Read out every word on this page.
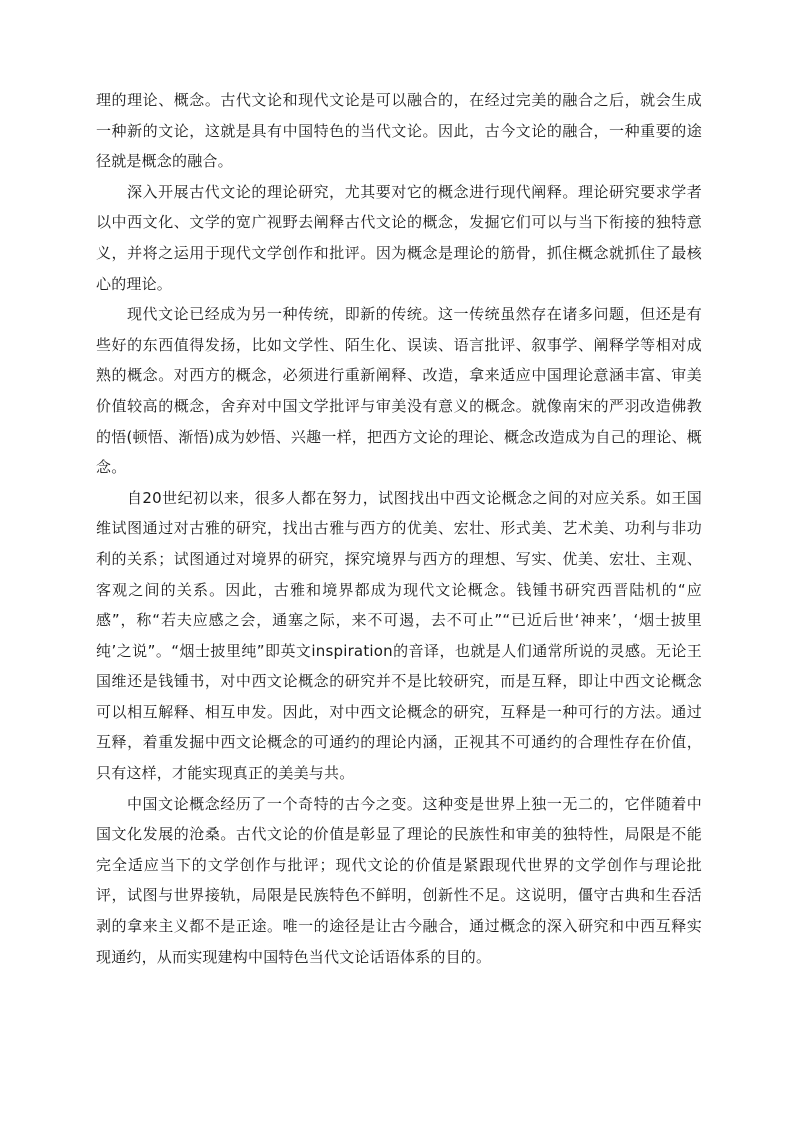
理的理论、概念。古代文论和现代文论是可以融合的，在经过完美的融合之后，就会生成一种新的文论，这就是具有中国特色的当代文论。因此，古今文论的融合，一种重要的途径就是概念的融合。

深入开展古代文论的理论研究，尤其要对它的概念进行现代阐释。理论研究要求学者以中西文化、文学的宽广视野去阐释古代文论的概念，发掘它们可以与当下衔接的独特意义，并将之运用于现代文学创作和批评。因为概念是理论的筋骨，抓住概念就抓住了最核心的理论。

现代文论已经成为另一种传统，即新的传统。这一传统虽然存在诸多问题，但还是有些好的东西值得发扬，比如文学性、陌生化、误读、语言批评、叙事学、阐释学等相对成熟的概念。对西方的概念，必须进行重新阐释、改造，拿来适应中国理论意涵丰富、审美价值较高的概念，舍弃对中国文学批评与审美没有意义的概念。就像南宋的严羽改造佛教的悟(顿悟、渐悟)成为妙悟、兴趣一样，把西方文论的理论、概念改造成为自己的理论、概念。

自20世纪初以来，很多人都在努力，试图找出中西文论概念之间的对应关系。如王国维试图通过对古雅的研究，找出古雅与西方的优美、宏壮、形式美、艺术美、功利与非功利的关系；试图通过对境界的研究，探究境界与西方的理想、写实、优美、宏壮、主观、客观之间的关系。因此，古雅和境界都成为现代文论概念。钱锺书研究西晋陆机的“应感”，称“若夫应感之会，通塞之际，来不可遏，去不可止”“已近后世‘神来’，‘烟士披里纯’之说”。“烟士披里纯”即英文inspiration的音译，也就是人们通常所说的灵感。无论王国维还是钱锺书，对中西文论概念的研究并不是比较研究，而是互释，即让中西文论概念可以相互解释、相互申发。因此，对中西文论概念的研究，互释是一种可行的方法。通过互释，着重发掘中西文论概念的可通约的理论内涵，正视其不可通约的合理性存在价值，只有这样，才能实现真正的美美与共。

中国文论概念经历了一个奇特的古今之变。这种变是世界上独一无二的，它伴随着中国文化发展的沧桑。古代文论的价值是彰显了理论的民族性和审美的独特性，局限是不能完全适应当下的文学创作与批评；现代文论的价值是紧跟现代世界的文学创作与理论批评，试图与世界接轨，局限是民族特色不鲜明，创新性不足。这说明，僵守古典和生吞活剥的拿来主义都不是正途。唯一的途径是让古今融合，通过概念的深入研究和中西互释实现通约，从而实现建构中国特色当代文论话语体系的目的。
